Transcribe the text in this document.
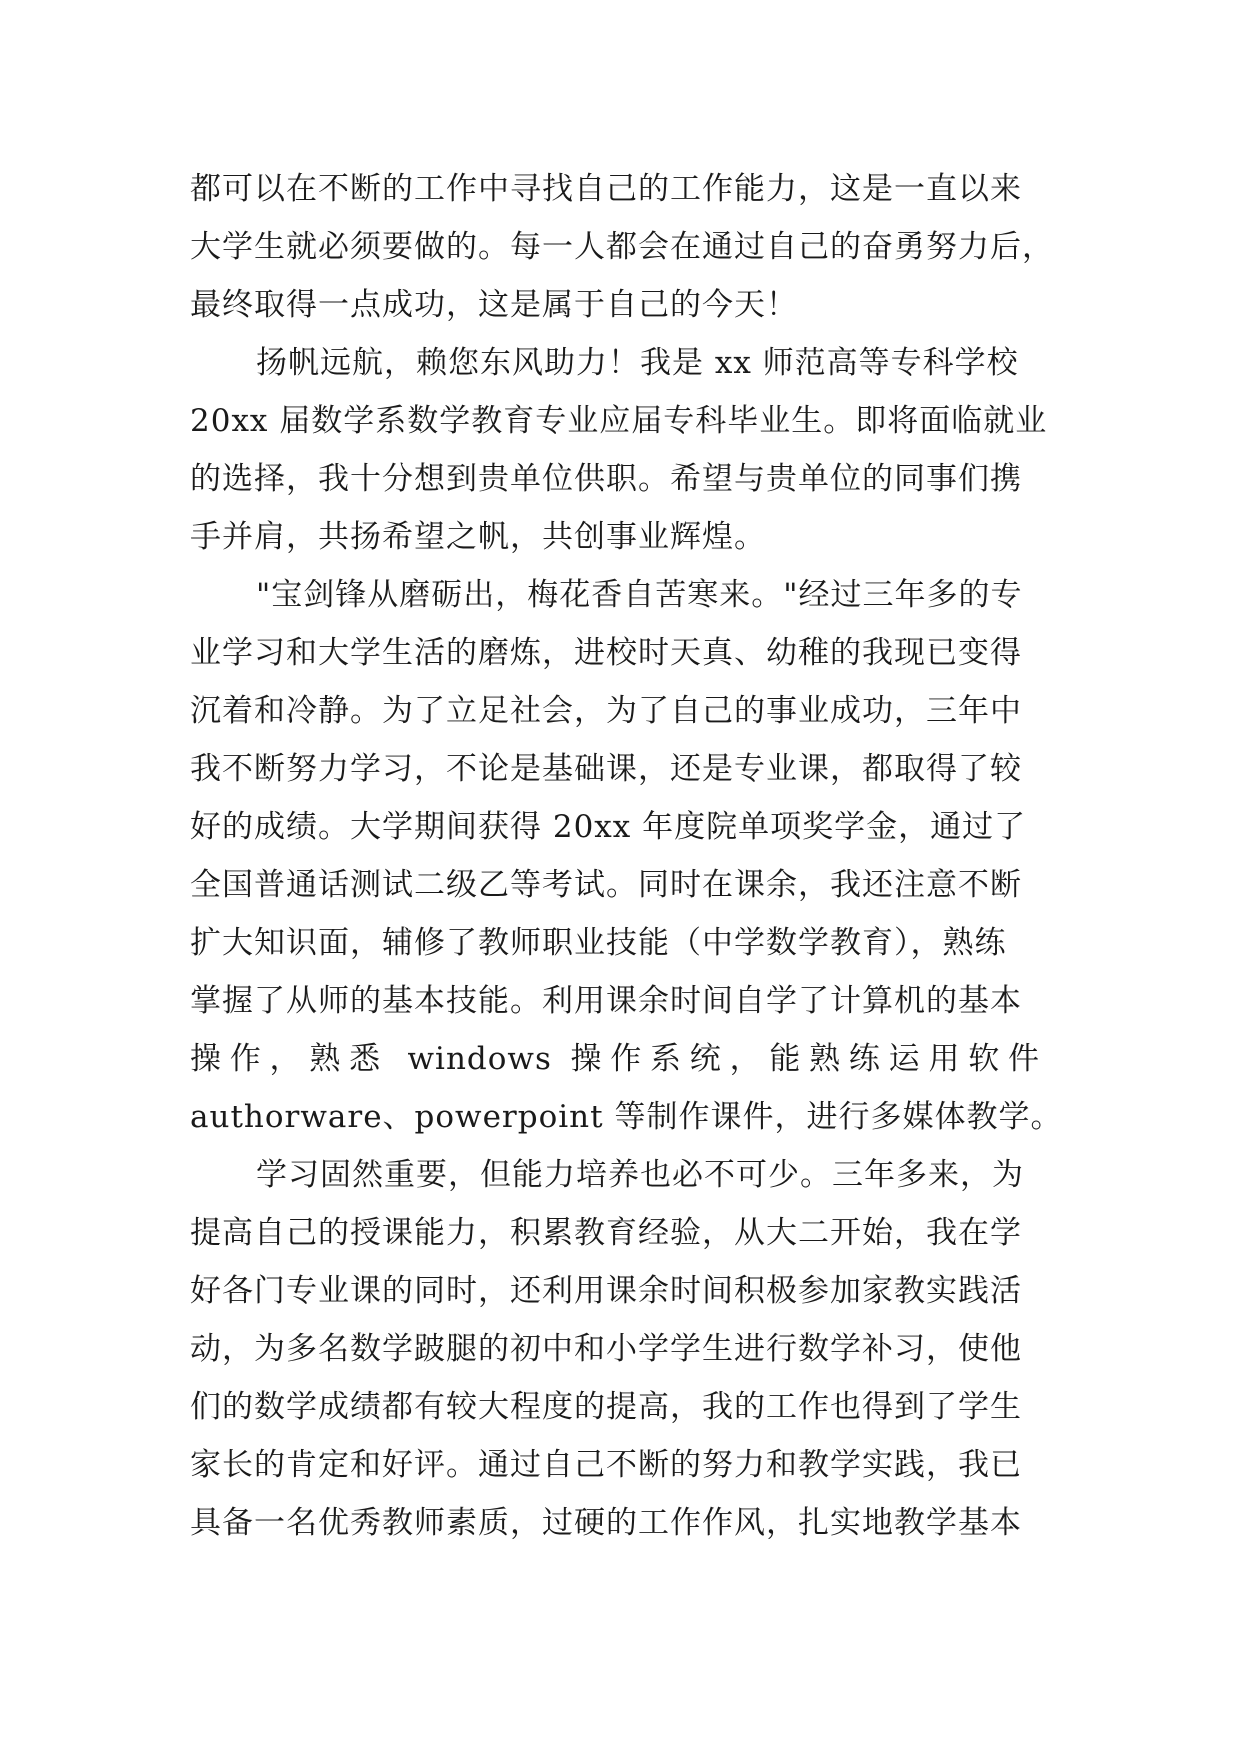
都可以在不断的工作中寻找自己的工作能力，这是一直以来
大学生就必须要做的。每一人都会在通过自己的奋勇努力后，
最终取得一点成功，这是属于自己的今天！
扬帆远航，赖您东风助力！我是 xx 师范高等专科学校
20xx 届数学系数学教育专业应届专科毕业生。即将面临就业
的选择，我十分想到贵单位供职。希望与贵单位的同事们携
手并肩，共扬希望之帆，共创事业辉煌。
"宝剑锋从磨砺出，梅花香自苦寒来。"经过三年多的专
业学习和大学生活的磨炼，进校时天真、幼稚的我现已变得
沉着和冷静。为了立足社会，为了自己的事业成功，三年中
我不断努力学习，不论是基础课，还是专业课，都取得了较
好的成绩。大学期间获得 20xx 年度院单项奖学金，通过了
全国普通话测试二级乙等考试。同时在课余，我还注意不断
扩大知识面，辅修了教师职业技能（中学数学教育），熟练
掌握了从师的基本技能。利用课余时间自学了计算机的基本
操作，熟悉 windows 操作系统，能熟练运用软件
authorware、powerpoint 等制作课件，进行多媒体教学。
学习固然重要，但能力培养也必不可少。三年多来，为
提高自己的授课能力，积累教育经验，从大二开始，我在学
好各门专业课的同时，还利用课余时间积极参加家教实践活
动，为多名数学跛腿的初中和小学学生进行数学补习，使他
们的数学成绩都有较大程度的提高，我的工作也得到了学生
家长的肯定和好评。通过自己不断的努力和教学实践，我已
具备一名优秀教师素质，过硬的工作作风，扎实地教学基本
